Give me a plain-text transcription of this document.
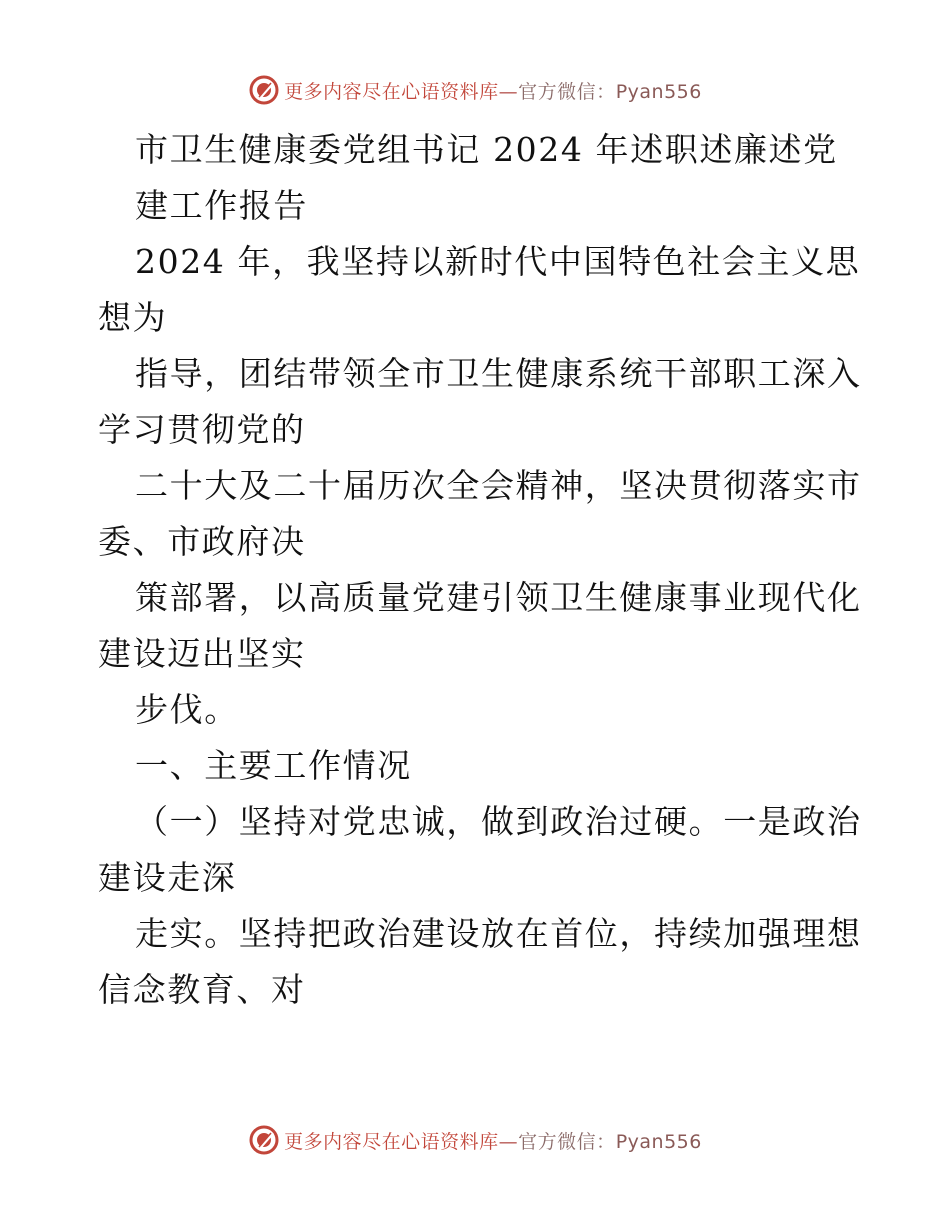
更多内容尽在心语资料库—官方微信：Pyan556
市卫生健康委党组书记 2024 年述职述廉述党
建工作报告
2024 年，我坚持以新时代中国特色社会主义思
想为
指导，团结带领全市卫生健康系统干部职工深入
学习贯彻党的
二十大及二十届历次全会精神，坚决贯彻落实市
委、市政府决
策部署，以高质量党建引领卫生健康事业现代化
建设迈出坚实
步伐。
一、主要工作情况
（一）坚持对党忠诚，做到政治过硬。一是政治
建设走深
走实。坚持把政治建设放在首位，持续加强理想
信念教育、对
更多内容尽在心语资料库—官方微信：Pyan556
